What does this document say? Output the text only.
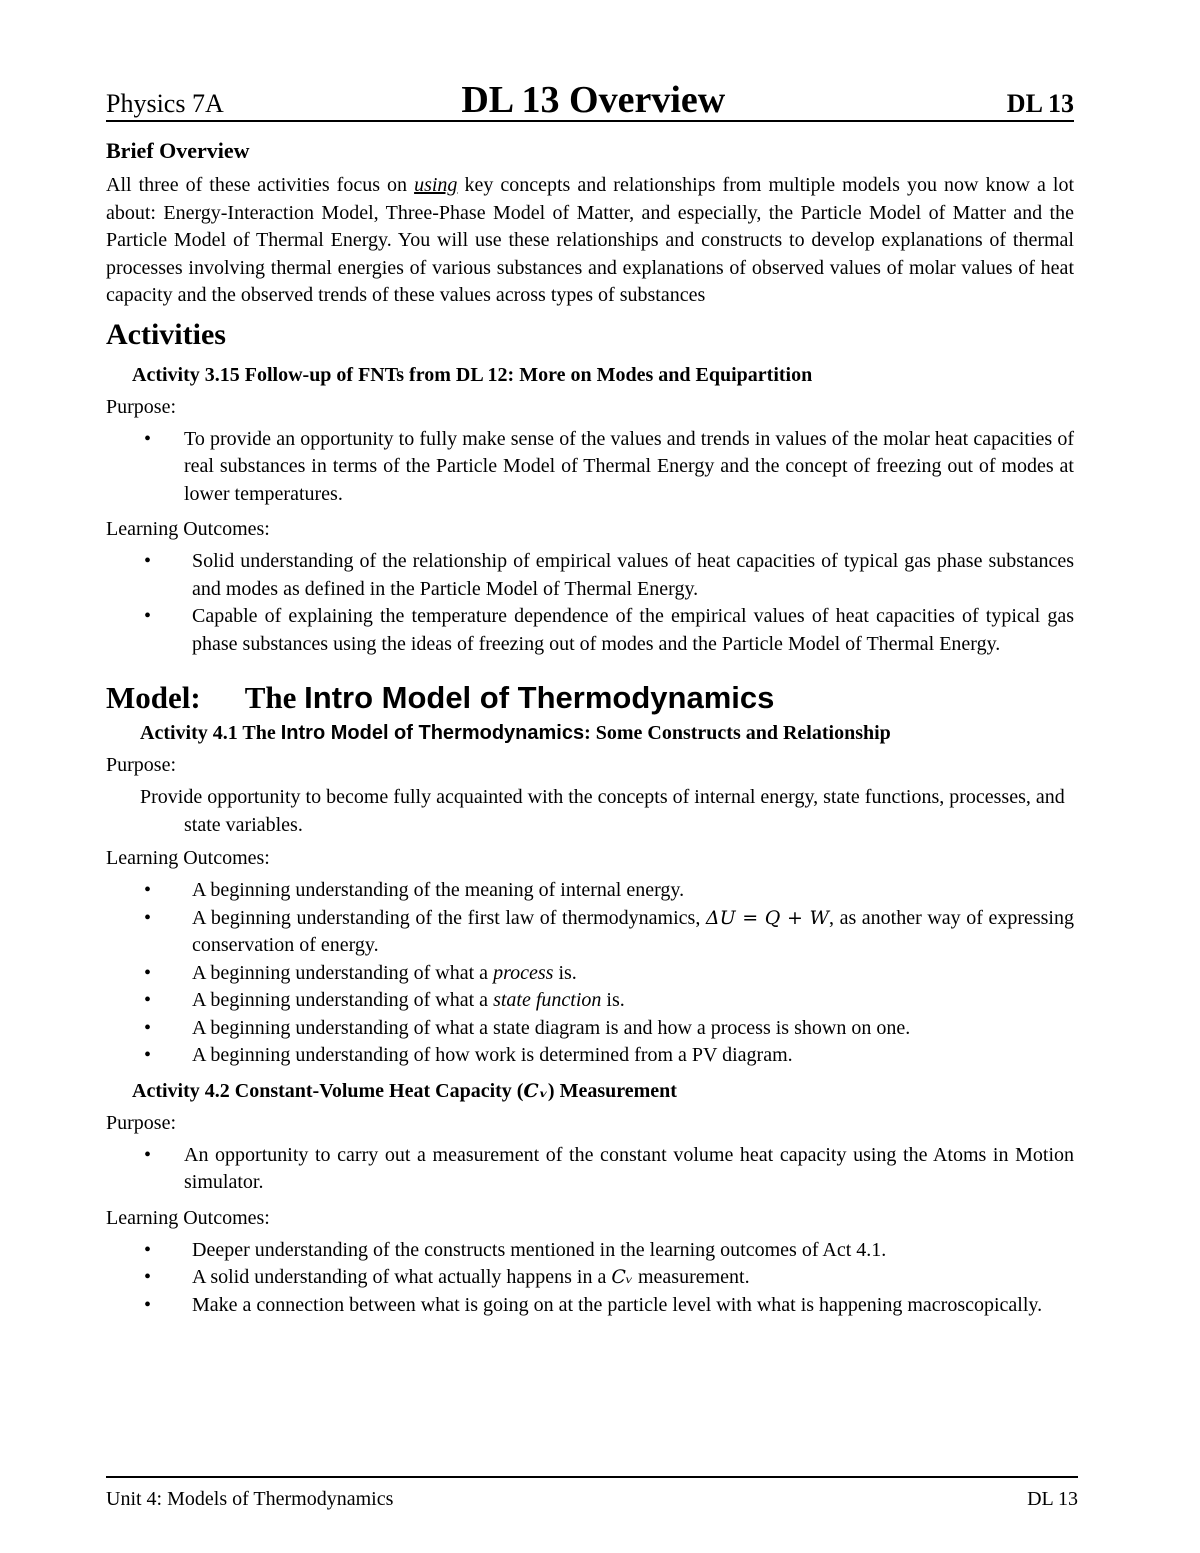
Physics 7A	DL 13 Overview	DL 13
Brief Overview

All three of these activities focus on using key concepts and relationships from multiple models you now know a lot about: Energy-Interaction Model, Three-Phase Model of Matter, and especially, the Particle Model of Matter and the Particle Model of Thermal Energy. You will use these relationships and constructs to develop explanations of thermal processes involving thermal energies of various substances and explanations of observed values of molar values of heat capacity and the observed trends of these values across types of substances

Activities
Activity 3.15 Follow-up of FNTs from DL 12: More on Modes and Equipartition
Purpose:
• To provide an opportunity to fully make sense of the values and trends in values of the molar heat capacities of real substances in terms of the Particle Model of Thermal Energy and the concept of freezing out of modes at lower temperatures.
Learning Outcomes:
• Solid understanding of the relationship of empirical values of heat capacities of typical gas phase substances and modes as defined in the Particle Model of Thermal Energy.
• Capable of explaining the temperature dependence of the empirical values of heat capacities of typical gas phase substances using the ideas of freezing out of modes and the Particle Model of Thermal Energy.
Model: The Intro Model of Thermodynamics
Activity 4.1 The Intro Model of Thermodynamics: Some Constructs and Relationship
Purpose:

Provide opportunity to become fully acquainted with the concepts of internal energy, state functions, processes, and state variables.

Learning Outcomes:
• A beginning understanding of the meaning of internal energy.
• A beginning understanding of the first law of thermodynamics, ΔU = Q + W, as another way of expressing conservation of energy.
• A beginning understanding of what a process is.
• A beginning understanding of what a state function is.
• A beginning understanding of what a state diagram is and how a process is shown on one.
• A beginning understanding of how work is determined from a PV diagram.
Activity 4.2 Constant-Volume Heat Capacity (Cᵥ) Measurement
Purpose:
• An opportunity to carry out a measurement of the constant volume heat capacity using the Atoms in Motion simulator.
Learning Outcomes:
• Deeper understanding of the constructs mentioned in the learning outcomes of Act 4.1.
• A solid understanding of what actually happens in a Cᵥ measurement.
• Make a connection between what is going on at the particle level with what is happening macroscopically.
Unit 4: Models of Thermodynamics	DL 13
